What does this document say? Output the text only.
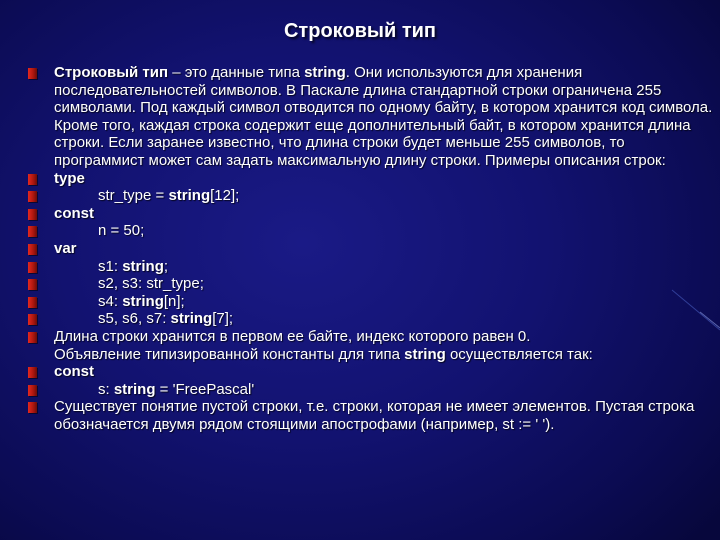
Строковый тип
Строковый тип – это данные типа string. Они используются для хранения последовательностей символов. В Паскале длина стандартной строки ограничена 255 символами. Под каждый символ отводится по одному байту, в котором хранится код символа. Кроме того, каждая строка содержит еще дополнительный байт, в котором хранится длина строки. Если заранее известно, что длина строки будет меньше 255 символов, то программист может сам задать максимальную длину строки. Примеры описания строк:
type
str_type = string[12];
const
n = 50;
var
s1: string;
s2, s3: str_type;
s4: string[n];
s5, s6, s7: string[7];
Длина строки хранится в первом ее байте, индекс которого равен 0.
Объявление типизированной константы для типа string осуществляется так:
const
s: string = 'FreePascal'
Существует понятие пустой строки, т.е. строки, которая не имеет элементов. Пустая строка обозначается двумя рядом стоящими апострофами (например, st := ' ').
